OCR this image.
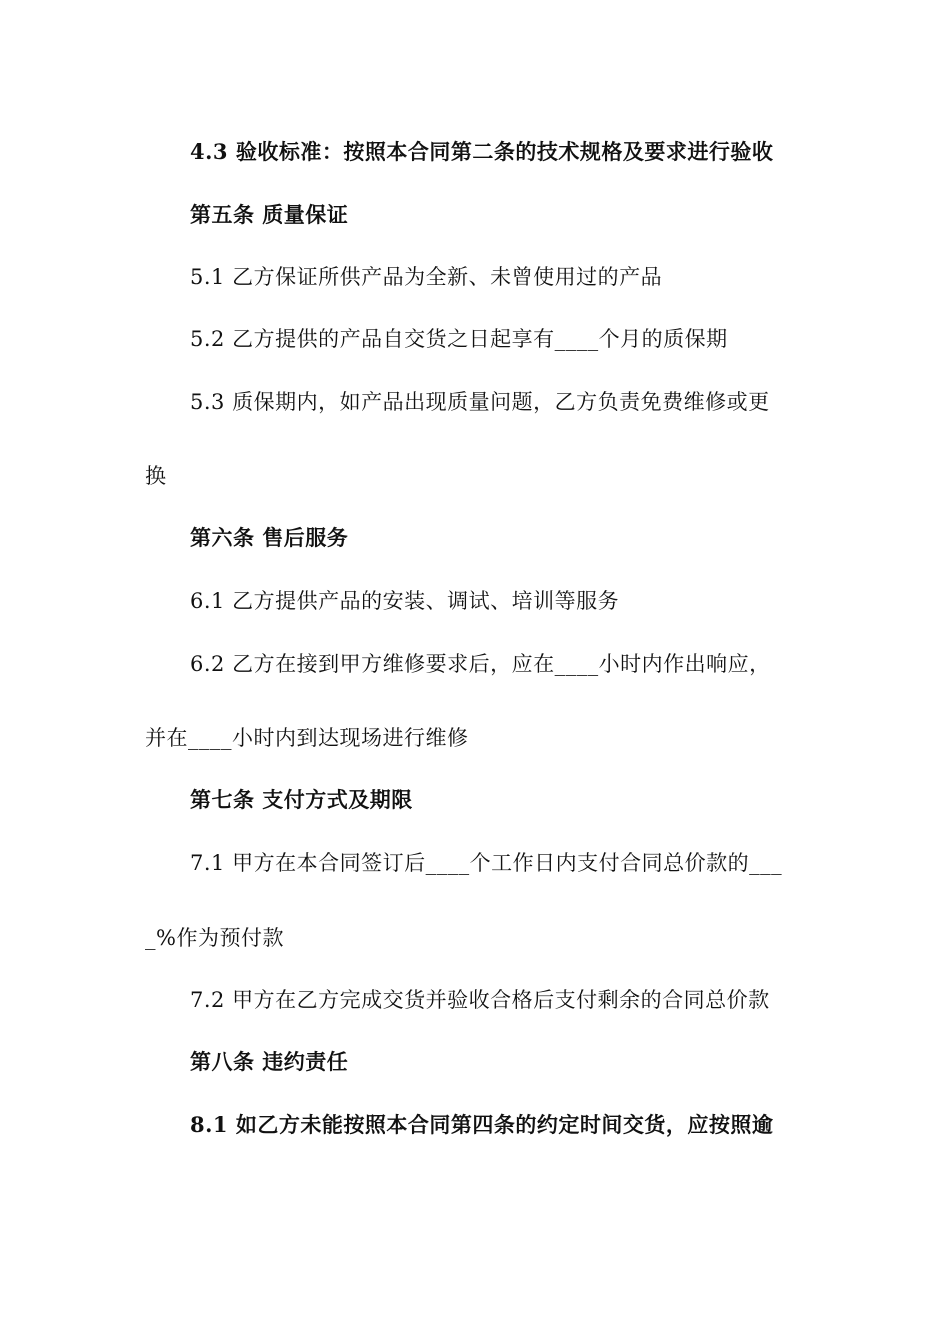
4.3 验收标准：按照本合同第二条的技术规格及要求进行验收
第五条 质量保证
5.1 乙方保证所供产品为全新、未曾使用过的产品
5.2 乙方提供的产品自交货之日起享有____个月的质保期
5.3 质保期内，如产品出现质量问题，乙方负责免费维修或更
换
第六条 售后服务
6.1 乙方提供产品的安装、调试、培训等服务
6.2 乙方在接到甲方维修要求后，应在____小时内作出响应，
并在____小时内到达现场进行维修
第七条 支付方式及期限
7.1 甲方在本合同签订后____个工作日内支付合同总价款的___
_%作为预付款
7.2 甲方在乙方完成交货并验收合格后支付剩余的合同总价款
第八条 违约责任
8.1 如乙方未能按照本合同第四条的约定时间交货，应按照逾
